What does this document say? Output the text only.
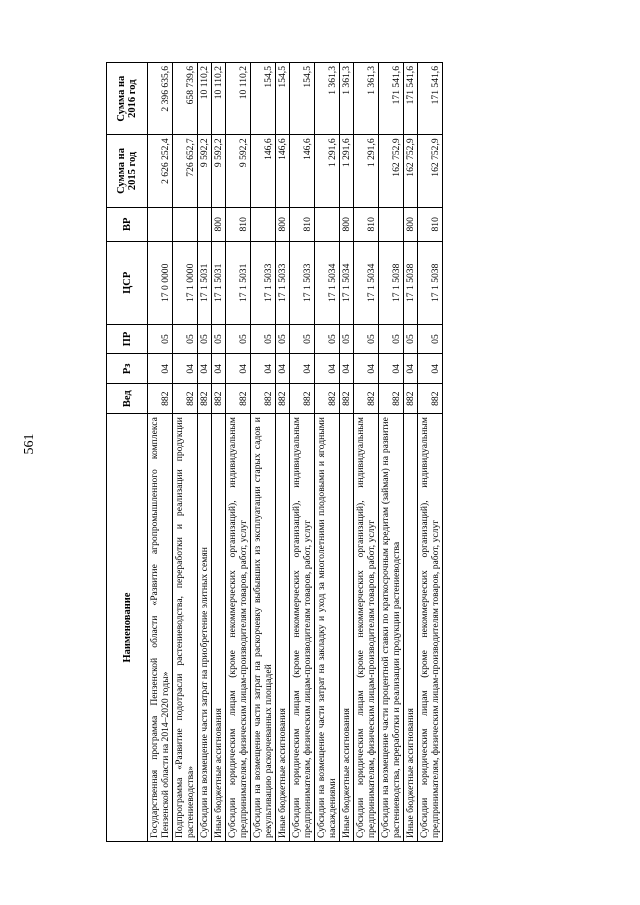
561
Наименование	Вед	Рз	ПР	ЦСР	ВР	Сумма на 2015 год	Сумма на 2016 год
Государственная программа Пензенской области «Развитие агропромышленного комплекса Пензенской области на 2014–2020 годы»	882	04	05	17 0 0000		2 626 252,4	2 396 635,6
Подпрограмма «Развитие подотрасли растениеводства, переработки и реализации продукции растениеводства»	882	04	05	17 1 0000		726 652,7	658 739,6
Субсидии на возмещение части затрат на приобретение элитных семян	882	04	05	17 1 5031		9 592,2	10 110,2
Иные бюджетные ассигнования	882	04	05	17 1 5031	800	9 592,2	10 110,2
Субсидии юридическим лицам (кроме некоммерческих организаций), индивидуальным предпринимателям, физическим лицам-производителям товаров, работ, услуг	882	04	05	17 1 5031	810	9 592,2	10 110,2
Субсидии на возмещение части затрат на раскорчевку выбывших из эксплуатации старых садов и рекультивацию раскорчеванных площадей	882	04	05	17 1 5033		146,6	154,5
Иные бюджетные ассигнования	882	04	05	17 1 5033	800	146,6	154,5
Субсидии юридическим лицам (кроме некоммерческих организаций), индивидуальным предпринимателям, физическим лицам-производителям товаров, работ, услуг	882	04	05	17 1 5033	810	146,6	154,5
Субсидии на возмещение части затрат на закладку и уход за многолетними плодовыми и ягодными насаждениями	882	04	05	17 1 5034		1 291,6	1 361,3
Иные бюджетные ассигнования	882	04	05	17 1 5034	800	1 291,6	1 361,3
Субсидии юридическим лицам (кроме некоммерческих организаций), индивидуальным предпринимателям, физическим лицам-производителям товаров, работ, услуг	882	04	05	17 1 5034	810	1 291,6	1 361,3
Субсидии на возмещение части процентной ставки по краткосрочным кредитам (займам) на развитие растениеводства, переработки и реализации продукции растениеводства	882	04	05	17 1 5038		162 752,9	171 541,6
Иные бюджетные ассигнования	882	04	05	17 1 5038	800	162 752,9	171 541,6
Субсидии юридическим лицам (кроме некоммерческих организаций), индивидуальным предпринимателям, физическим лицам-производителям товаров, работ, услуг	882	04	05	17 1 5038	810	162 752,9	171 541,6
